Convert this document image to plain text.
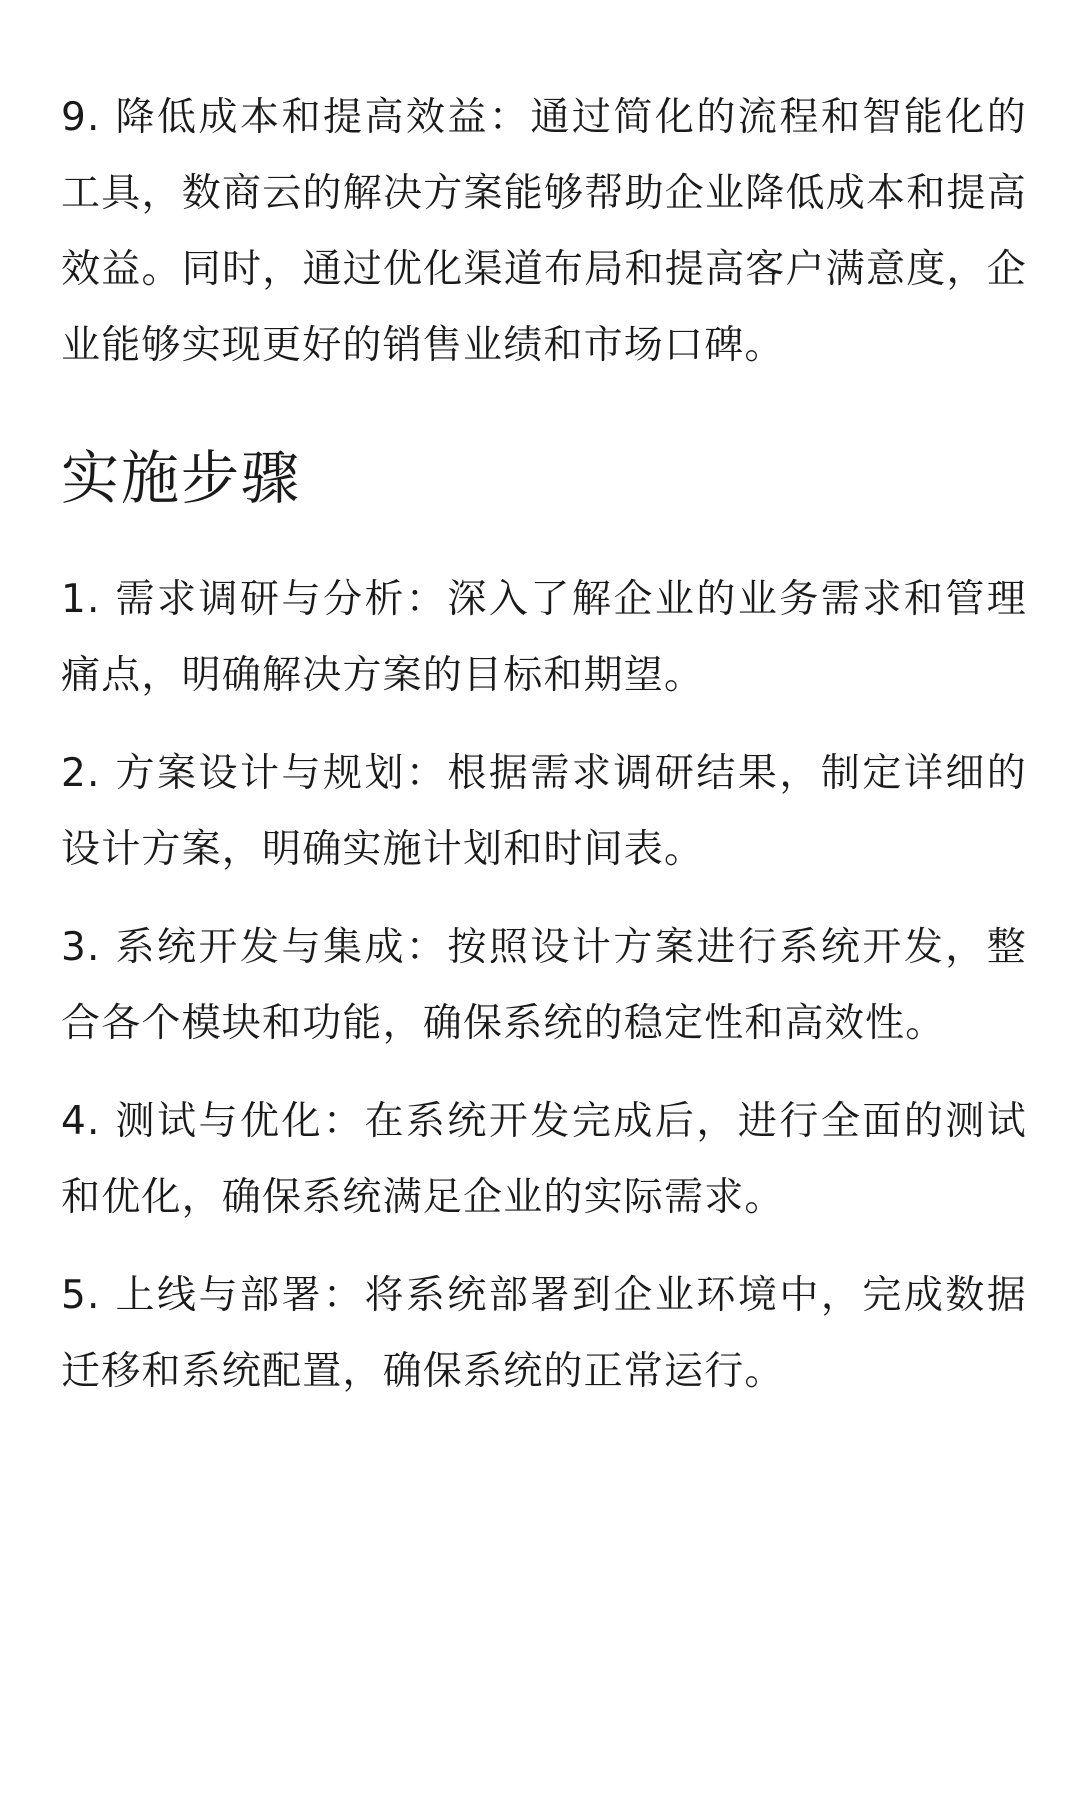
9. 降低成本和提高效益：通过简化的流程和智能化的工具，数商云的解决方案能够帮助企业降低成本和提高效益。同时，通过优化渠道布局和提高客户满意度，企业能够实现更好的销售业绩和市场口碑。

实施步骤

1. 需求调研与分析：深入了解企业的业务需求和管理痛点，明确解决方案的目标和期望。

2. 方案设计与规划：根据需求调研结果，制定详细的设计方案，明确实施计划和时间表。

3. 系统开发与集成：按照设计方案进行系统开发，整合各个模块和功能，确保系统的稳定性和高效性。

4. 测试与优化：在系统开发完成后，进行全面的测试和优化，确保系统满足企业的实际需求。

5. 上线与部署：将系统部署到企业环境中，完成数据迁移和系统配置，确保系统的正常运行。
